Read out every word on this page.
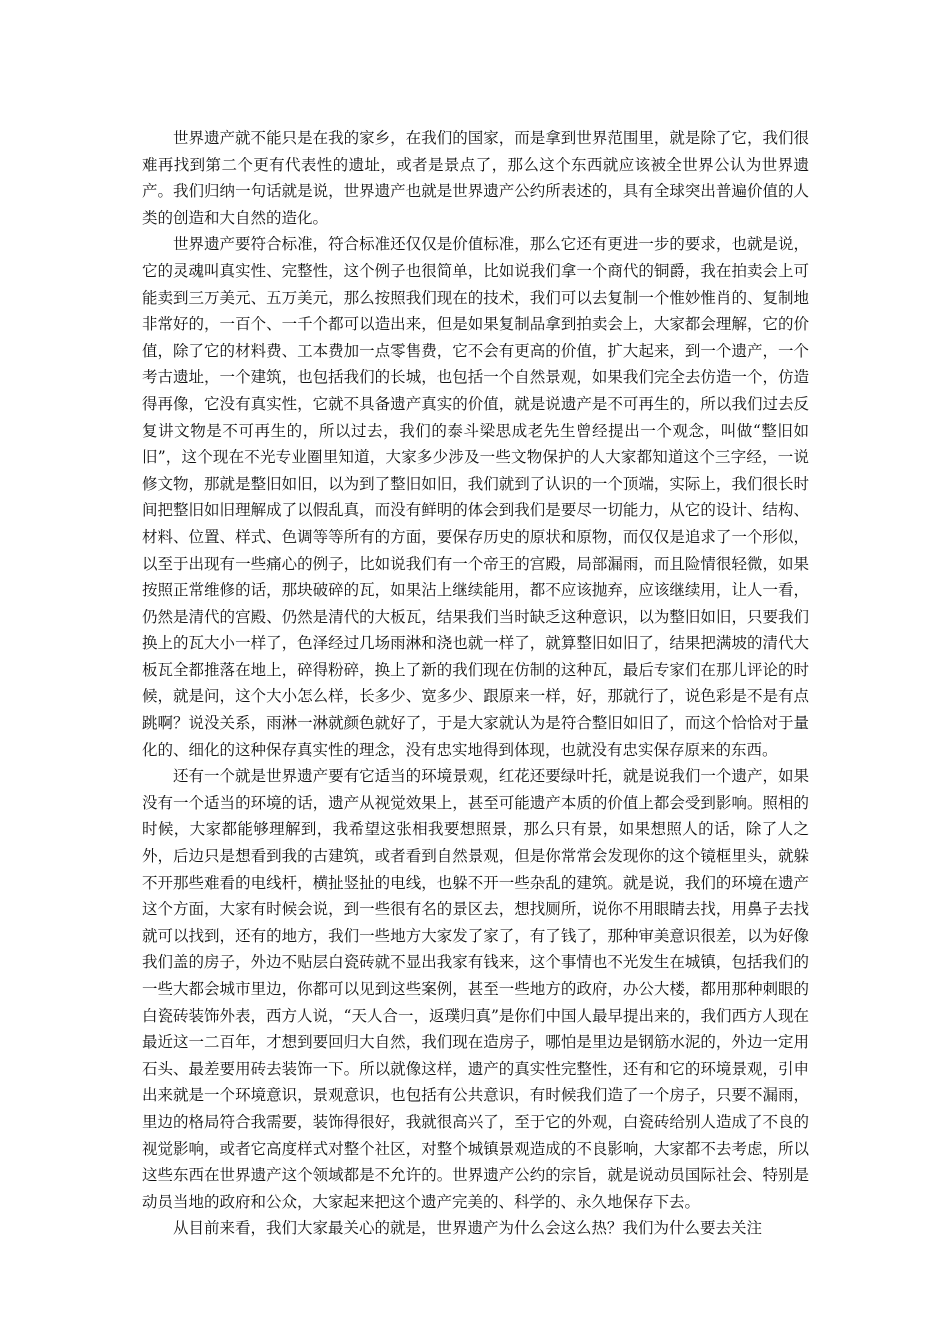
世界遗产就不能只是在我的家乡，在我们的国家，而是拿到世界范围里，就是除了它，我们很难再找到第二个更有代表性的遗址，或者是景点了，那么这个东西就应该被全世界公认为世界遗产。我们归纳一句话就是说，世界遗产也就是世界遗产公约所表述的，具有全球突出普遍价值的人类的创造和大自然的造化。

世界遗产要符合标准，符合标准还仅仅是价值标准，那么它还有更进一步的要求，也就是说，它的灵魂叫真实性、完整性，这个例子也很简单，比如说我们拿一个商代的铜爵，我在拍卖会上可能卖到三万美元、五万美元，那么按照我们现在的技术，我们可以去复制一个惟妙惟肖的、复制地非常好的，一百个、一千个都可以造出来，但是如果复制品拿到拍卖会上，大家都会理解，它的价值，除了它的材料费、工本费加一点零售费，它不会有更高的价值，扩大起来，到一个遗产，一个考古遗址，一个建筑，也包括我们的长城，也包括一个自然景观，如果我们完全去仿造一个，仿造得再像，它没有真实性，它就不具备遗产真实的价值，就是说遗产是不可再生的，所以我们过去反复讲文物是不可再生的，所以过去，我们的泰斗梁思成老先生曾经提出一个观念，叫做“整旧如旧”，这个现在不光专业圈里知道，大家多少涉及一些文物保护的人大家都知道这个三字经，一说修文物，那就是整旧如旧，以为到了整旧如旧，我们就到了认识的一个顶端，实际上，我们很长时间把整旧如旧理解成了以假乱真，而没有鲜明的体会到我们是要尽一切能力，从它的设计、结构、材料、位置、样式、色调等等所有的方面，要保存历史的原状和原物，而仅仅是追求了一个形似，以至于出现有一些痛心的例子，比如说我们有一个帝王的宫殿，局部漏雨，而且险情很轻微，如果按照正常维修的话，那块破碎的瓦，如果沾上继续能用，都不应该抛弃，应该继续用，让人一看，仍然是清代的宫殿、仍然是清代的大板瓦，结果我们当时缺乏这种意识，以为整旧如旧，只要我们换上的瓦大小一样了，色泽经过几场雨淋和浇也就一样了，就算整旧如旧了，结果把满坡的清代大板瓦全都推落在地上，碎得粉碎，换上了新的我们现在仿制的这种瓦，最后专家们在那儿评论的时候，就是问，这个大小怎么样，长多少、宽多少、跟原来一样，好，那就行了，说色彩是不是有点跳啊？说没关系，雨淋一淋就颜色就好了，于是大家就认为是符合整旧如旧了，而这个恰恰对于量化的、细化的这种保存真实性的理念，没有忠实地得到体现，也就没有忠实保存原来的东西。

还有一个就是世界遗产要有它适当的环境景观，红花还要绿叶托，就是说我们一个遗产，如果没有一个适当的环境的话，遗产从视觉效果上，甚至可能遗产本质的价值上都会受到影响。照相的时候，大家都能够理解到，我希望这张相我要想照景，那么只有景，如果想照人的话，除了人之外，后边只是想看到我的古建筑，或者看到自然景观，但是你常常会发现你的这个镜框里头，就躲不开那些难看的电线杆，横扯竖扯的电线，也躲不开一些杂乱的建筑。就是说，我们的环境在遗产这个方面，大家有时候会说，到一些很有名的景区去，想找厕所，说你不用眼睛去找，用鼻子去找就可以找到，还有的地方，我们一些地方大家发了家了，有了钱了，那种审美意识很差，以为好像我们盖的房子，外边不贴层白瓷砖就不显出我家有钱来，这个事情也不光发生在城镇，包括我们的一些大都会城市里边，你都可以见到这些案例，甚至一些地方的政府，办公大楼，都用那种刺眼的白瓷砖装饰外表，西方人说，“天人合一，返璞归真”是你们中国人最早提出来的，我们西方人现在最近这一二百年，才想到要回归大自然，我们现在造房子，哪怕是里边是钢筋水泥的，外边一定用石头、最差要用砖去装饰一下。所以就像这样，遗产的真实性完整性，还有和它的环境景观，引申出来就是一个环境意识，景观意识，也包括有公共意识，有时候我们造了一个房子，只要不漏雨，里边的格局符合我需要，装饰得很好，我就很高兴了，至于它的外观，白瓷砖给别人造成了不良的视觉影响，或者它高度样式对整个社区，对整个城镇景观造成的不良影响，大家都不去考虑，所以这些东西在世界遗产这个领域都是不允许的。世界遗产公约的宗旨，就是说动员国际社会、特别是动员当地的政府和公众，大家起来把这个遗产完美的、科学的、永久地保存下去。

从目前来看，我们大家最关心的就是，世界遗产为什么会这么热？我们为什么要去关注
